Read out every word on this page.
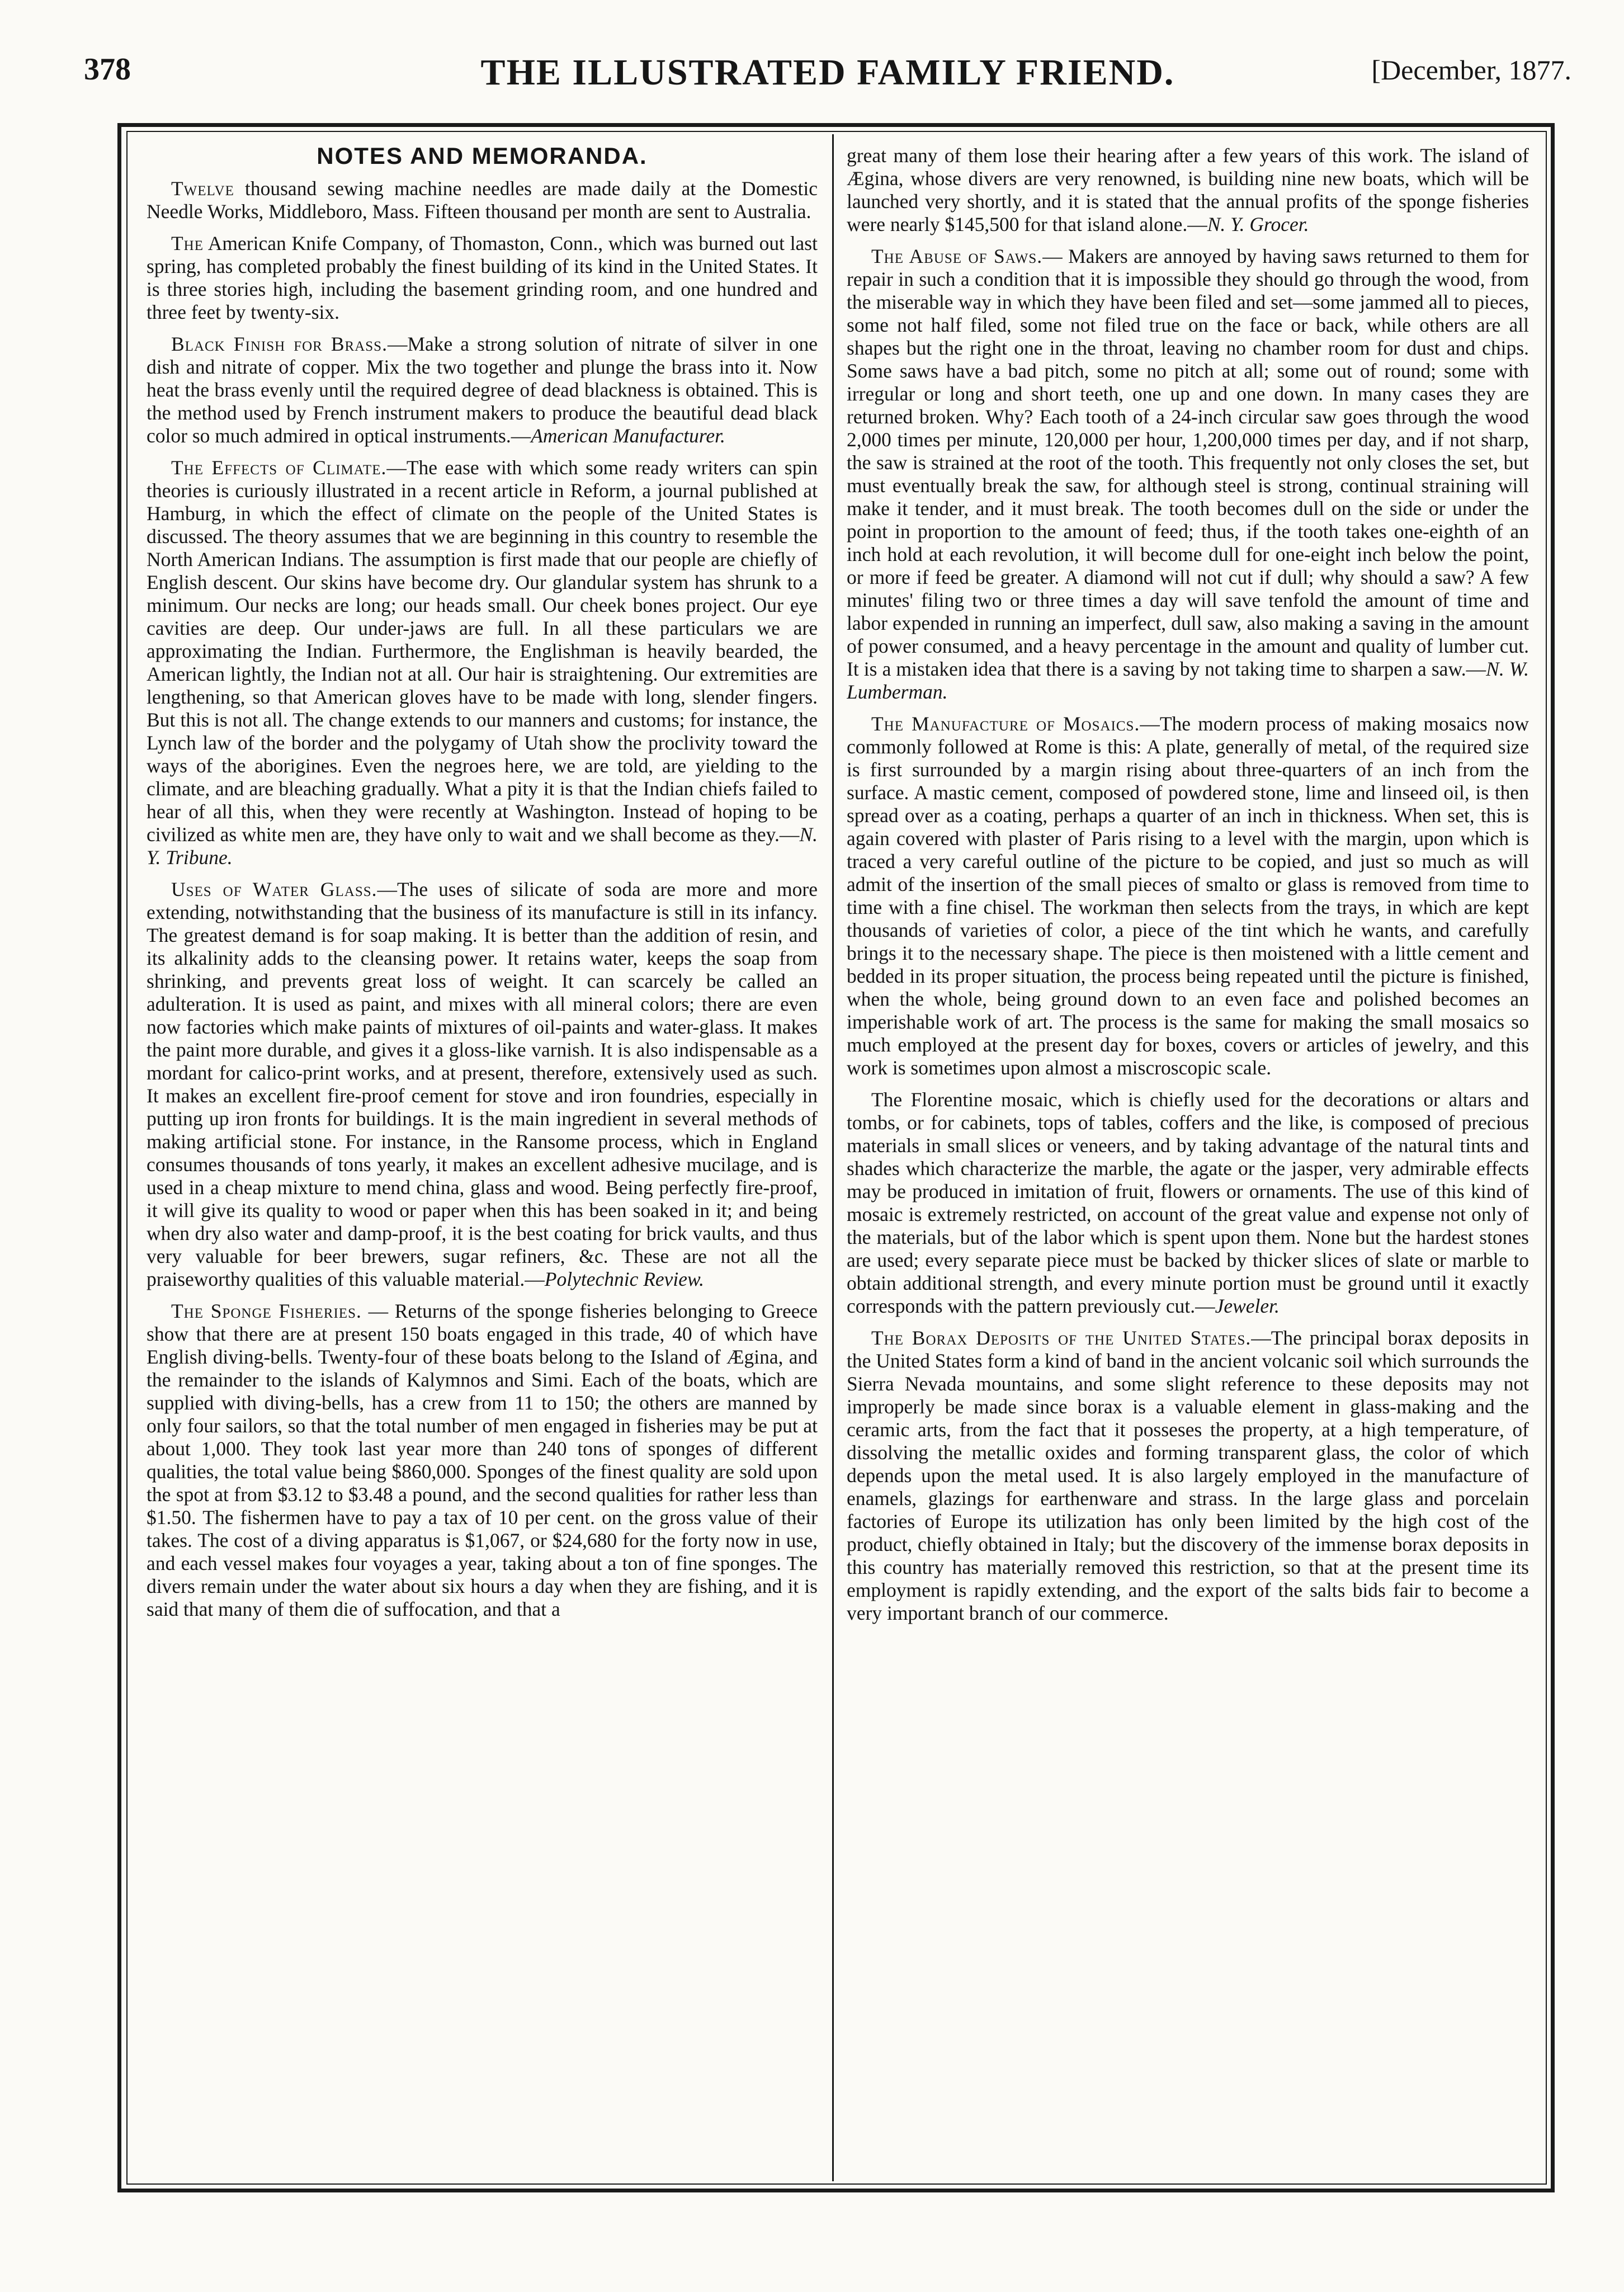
378	THE ILLUSTRATED FAMILY FRIEND.	[December, 1877.
NOTES AND MEMORANDA.

Twelve thousand sewing machine needles are made daily at the Domestic Needle Works, Middleboro, Mass. Fifteen thousand per month are sent to Australia.

The American Knife Company, of Thomaston, Conn., which was burned out last spring, has completed probably the finest building of its kind in the United States. It is three stories high, including the basement grinding room, and one hundred and three feet by twenty-six.

Black Finish for Brass.—Make a strong solution of nitrate of silver in one dish and nitrate of copper. Mix the two together and plunge the brass into it. Now heat the brass evenly until the required degree of dead blackness is obtained. This is the method used by French instrument makers to produce the beautiful dead black color so much admired in optical instruments.—American Manufacturer.

The Effects of Climate.—The ease with which some ready writers can spin theories is curiously illustrated in a recent article in Reform, a journal published at Hamburg, in which the effect of climate on the people of the United States is discussed. The theory assumes that we are beginning in this country to resemble the North American Indians. The assumption is first made that our people are chiefly of English descent. Our skins have become dry. Our glandular system has shrunk to a minimum. Our necks are long; our heads small. Our cheek bones project. Our eye cavities are deep. Our under-jaws are full. In all these particulars we are approximating the Indian. Furthermore, the Englishman is heavily bearded, the American lightly, the Indian not at all. Our hair is straightening. Our extremities are lengthening, so that American gloves have to be made with long, slender fingers. But this is not all. The change extends to our manners and customs; for instance, the Lynch law of the border and the polygamy of Utah show the proclivity toward the ways of the aborigines. Even the negroes here, we are told, are yielding to the climate, and are bleaching gradually. What a pity it is that the Indian chiefs failed to hear of all this, when they were recently at Washington. Instead of hoping to be civilized as white men are, they have only to wait and we shall become as they.—N. Y. Tribune.

Uses of Water Glass.—The uses of silicate of soda are more and more extending, notwithstanding that the business of its manufacture is still in its infancy. The greatest demand is for soap making. It is better than the addition of resin, and its alkalinity adds to the cleansing power. It retains water, keeps the soap from shrinking, and prevents great loss of weight. It can scarcely be called an adulteration. It is used as paint, and mixes with all mineral colors; there are even now factories which make paints of mixtures of oil-paints and water-glass. It makes the paint more durable, and gives it a gloss-like varnish. It is also indispensable as a mordant for calico-print works, and at present, therefore, extensively used as such. It makes an excellent fire-proof cement for stove and iron foundries, especially in putting up iron fronts for buildings. It is the main ingredient in several methods of making artificial stone. For instance, in the Ransome process, which in England consumes thousands of tons yearly, it makes an excellent adhesive mucilage, and is used in a cheap mixture to mend china, glass and wood. Being perfectly fire-proof, it will give its quality to wood or paper when this has been soaked in it; and being when dry also water and damp-proof, it is the best coating for brick vaults, and thus very valuable for beer brewers, sugar refiners, &c. These are not all the praiseworthy qualities of this valuable material.—Polytechnic Review.

The Sponge Fisheries. — Returns of the sponge fisheries belonging to Greece show that there are at present 150 boats engaged in this trade, 40 of which have English diving-bells. Twenty-four of these boats belong to the Island of Ægina, and the remainder to the islands of Kalymnos and Simi. Each of the boats, which are supplied with diving-bells, has a crew from 11 to 150; the others are manned by only four sailors, so that the total number of men engaged in fisheries may be put at about 1,000. They took last year more than 240 tons of sponges of different qualities, the total value being $860,000. Sponges of the finest quality are sold upon the spot at from $3.12 to $3.48 a pound, and the second qualities for rather less than $1.50. The fishermen have to pay a tax of 10 per cent. on the gross value of their takes. The cost of a diving apparatus is $1,067, or $24,680 for the forty now in use, and each vessel makes four voyages a year, taking about a ton of fine sponges. The divers remain under the water about six hours a day when they are fishing, and it is said that many of them die of suffocation, and that a

great many of them lose their hearing after a few years of this work. The island of Ægina, whose divers are very renowned, is building nine new boats, which will be launched very shortly, and it is stated that the annual profits of the sponge fisheries were nearly $145,500 for that island alone.—N. Y. Grocer.

The Abuse of Saws.— Makers are annoyed by having saws returned to them for repair in such a condition that it is impossible they should go through the wood, from the miserable way in which they have been filed and set—some jammed all to pieces, some not half filed, some not filed true on the face or back, while others are all shapes but the right one in the throat, leaving no chamber room for dust and chips. Some saws have a bad pitch, some no pitch at all; some out of round; some with irregular or long and short teeth, one up and one down. In many cases they are returned broken. Why? Each tooth of a 24-inch circular saw goes through the wood 2,000 times per minute, 120,000 per hour, 1,200,000 times per day, and if not sharp, the saw is strained at the root of the tooth. This frequently not only closes the set, but must eventually break the saw, for although steel is strong, continual straining will make it tender, and it must break. The tooth becomes dull on the side or under the point in proportion to the amount of feed; thus, if the tooth takes one-eighth of an inch hold at each revolution, it will become dull for one-eight inch below the point, or more if feed be greater. A diamond will not cut if dull; why should a saw? A few minutes' filing two or three times a day will save tenfold the amount of time and labor expended in running an imperfect, dull saw, also making a saving in the amount of power consumed, and a heavy percentage in the amount and quality of lumber cut. It is a mistaken idea that there is a saving by not taking time to sharpen a saw.—N. W. Lumberman.

The Manufacture of Mosaics.—The modern process of making mosaics now commonly followed at Rome is this: A plate, generally of metal, of the required size is first surrounded by a margin rising about three-quarters of an inch from the surface. A mastic cement, composed of powdered stone, lime and linseed oil, is then spread over as a coating, perhaps a quarter of an inch in thickness. When set, this is again covered with plaster of Paris rising to a level with the margin, upon which is traced a very careful outline of the picture to be copied, and just so much as will admit of the insertion of the small pieces of smalto or glass is removed from time to time with a fine chisel. The workman then selects from the trays, in which are kept thousands of varieties of color, a piece of the tint which he wants, and carefully brings it to the necessary shape. The piece is then moistened with a little cement and bedded in its proper situation, the process being repeated until the picture is finished, when the whole, being ground down to an even face and polished becomes an imperishable work of art. The process is the same for making the small mosaics so much employed at the present day for boxes, covers or articles of jewelry, and this work is sometimes upon almost a miscroscopic scale.

The Florentine mosaic, which is chiefly used for the decorations or altars and tombs, or for cabinets, tops of tables, coffers and the like, is composed of precious materials in small slices or veneers, and by taking advantage of the natural tints and shades which characterize the marble, the agate or the jasper, very admirable effects may be produced in imitation of fruit, flowers or ornaments. The use of this kind of mosaic is extremely restricted, on account of the great value and expense not only of the materials, but of the labor which is spent upon them. None but the hardest stones are used; every separate piece must be backed by thicker slices of slate or marble to obtain additional strength, and every minute portion must be ground until it exactly corresponds with the pattern previously cut.—Jeweler.

The Borax Deposits of the United States.—The principal borax deposits in the United States form a kind of band in the ancient volcanic soil which surrounds the Sierra Nevada mountains, and some slight reference to these deposits may not improperly be made since borax is a valuable element in glass-making and the ceramic arts, from the fact that it posseses the property, at a high temperature, of dissolving the metallic oxides and forming transparent glass, the color of which depends upon the metal used. It is also largely employed in the manufacture of enamels, glazings for earthenware and strass. In the large glass and porcelain factories of Europe its utilization has only been limited by the high cost of the product, chiefly obtained in Italy; but the discovery of the immense borax deposits in this country has materially removed this restriction, so that at the present time its employment is rapidly extending, and the export of the salts bids fair to become a very important branch of our commerce.
